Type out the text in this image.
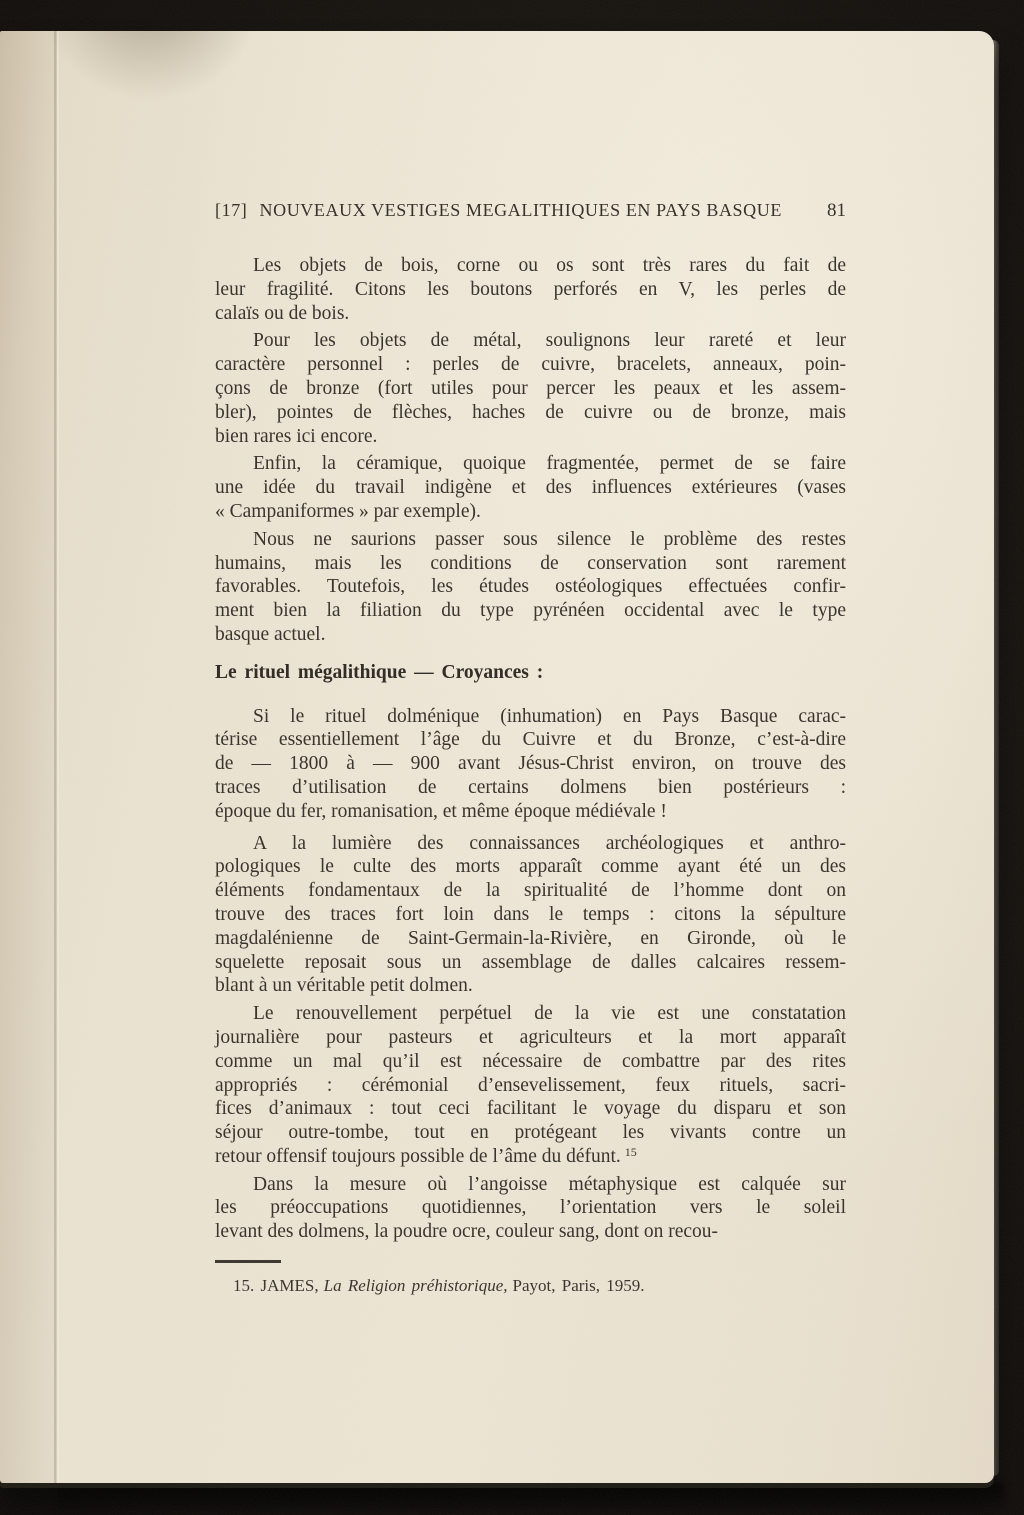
[17] NOUVEAUX VESTIGES MEGALITHIQUES EN PAYS BASQUE	81
Les objets de bois, corne ou os sont très rares du fait de
leur fragilité. Citons les boutons perforés en V, les perles de
calaïs ou de bois.
Pour les objets de métal, soulignons leur rareté et leur
caractère personnel : perles de cuivre, bracelets, anneaux, poin-
çons de bronze (fort utiles pour percer les peaux et les assem-
bler), pointes de flèches, haches de cuivre ou de bronze, mais
bien rares ici encore.
Enfin, la céramique, quoique fragmentée, permet de se faire
une idée du travail indigène et des influences extérieures (vases
« Campaniformes » par exemple).
Nous ne saurions passer sous silence le problème des restes
humains, mais les conditions de conservation sont rarement
favorables. Toutefois, les études ostéologiques effectuées confir-
ment bien la filiation du type pyrénéen occidental avec le type
basque actuel.
Le rituel mégalithique — Croyances :
Si le rituel dolménique (inhumation) en Pays Basque carac-
térise essentiellement l’âge du Cuivre et du Bronze, c’est-à-dire
de — 1800 à — 900 avant Jésus-Christ environ, on trouve des
traces d’utilisation de certains dolmens bien postérieurs :
époque du fer, romanisation, et même époque médiévale !
A la lumière des connaissances archéologiques et anthro-
pologiques le culte des morts apparaît comme ayant été un des
éléments fondamentaux de la spiritualité de l’homme dont on
trouve des traces fort loin dans le temps : citons la sépulture
magdalénienne de Saint-Germain-la-Rivière, en Gironde, où le
squelette reposait sous un assemblage de dalles calcaires ressem-
blant à un véritable petit dolmen.
Le renouvellement perpétuel de la vie est une constatation
journalière pour pasteurs et agriculteurs et la mort apparaît
comme un mal qu’il est nécessaire de combattre par des rites
appropriés : cérémonial d’ensevelissement, feux rituels, sacri-
fices d’animaux : tout ceci facilitant le voyage du disparu et son
séjour outre-tombe, tout en protégeant les vivants contre un
retour offensif toujours possible de l’âme du défunt. $^{15}$
Dans la mesure où l’angoisse métaphysique est calquée sur
les préoccupations quotidiennes, l’orientation vers le soleil
levant des dolmens, la poudre ocre, couleur sang, dont on recou-
15. JAMES, La Religion préhistorique, Payot, Paris, 1959.
